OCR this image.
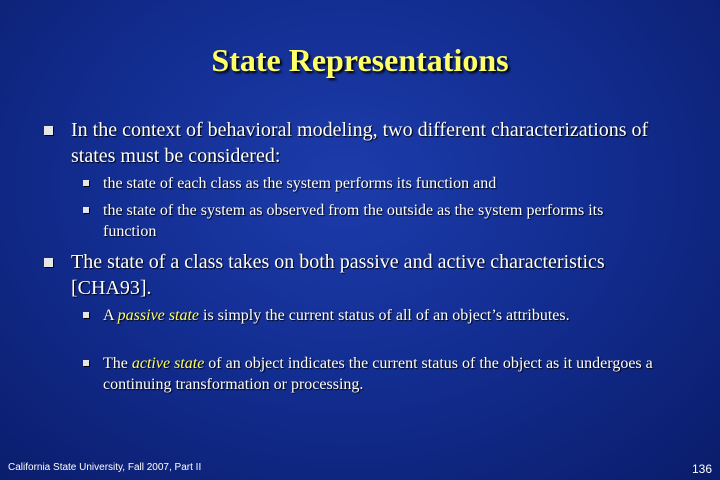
State Representations
In the context of behavioral modeling, two different characterizations of states must be considered:
the state of each class as the system performs its function and
the state of the system as observed from the outside as the system performs its function
The state of a class takes on both passive and active characteristics [CHA93].
A passive state is simply the current status of all of an object’s attributes.
The active state of an object indicates the current status of the object as it undergoes a continuing transformation or processing.
California State University, Fall 2007, Part II	136
